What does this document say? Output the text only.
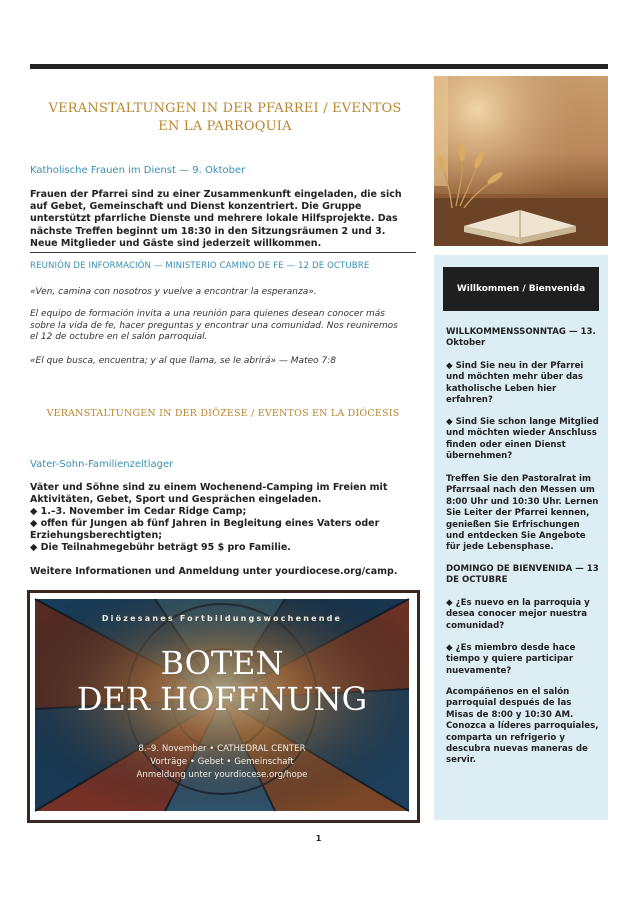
VERANSTALTUNGEN IN DER PFARREI / EVENTOS EN LA PARROQUIA
Katholische Frauen im Dienst — 9. Oktober
Frauen der Pfarrei sind zu einer Zusammenkunft eingeladen, die sich auf Gebet, Gemeinschaft und Dienst konzentriert. Die Gruppe unterstützt pfarrliche Dienste und mehrere lokale Hilfsprojekte. Das nächste Treffen beginnt um 18:30 in den Sitzungsräumen 2 und 3. Neue Mitglieder und Gäste sind jederzeit willkommen.
REUNIÓN DE INFORMACIÓN — MINISTERIO CAMINO DE FE — 12 DE OCTUBRE
«Ven, camina con nosotros y vuelve a encontrar la esperanza».
El equipo de formación invita a una reunión para quienes desean conocer más sobre la vida de fe, hacer preguntas y encontrar una comunidad. Nos reuniremos el 12 de octubre en el salón parroquial.
«El que busca, encuentra; y al que llama, se le abrirá» — Mateo 7:8
VERANSTALTUNGEN IN DER DIÖZESE / EVENTOS EN LA DIÓCESIS
Vater-Sohn-Familienzeltlager
Väter und Söhne sind zu einem Wochenend-Camping im Freien mit Aktivitäten, Gebet, Sport und Gesprächen eingeladen.
◆ 1.–3. November im Cedar Ridge Camp;
◆ offen für Jungen ab fünf Jahren in Begleitung eines Vaters oder Erziehungsberechtigten;
◆ Die Teilnahmegebühr beträgt 95 $ pro Familie.
Weitere Informationen und Anmeldung unter yourdiocese.org/camp.
Willkommen / Bienvenida
WILLKOMMENSSONNTAG — 13. Oktober
◆ Sind Sie neu in der Pfarrei und möchten mehr über das katholische Leben hier erfahren?
◆ Sind Sie schon lange Mitglied und möchten wieder Anschluss finden oder einen Dienst übernehmen?
Treffen Sie den Pastoralrat im Pfarrsaal nach den Messen um 8:00 Uhr und 10:30 Uhr. Lernen Sie Leiter der Pfarrei kennen, genießen Sie Erfrischungen und entdecken Sie Angebote für jede Lebensphase.
DOMINGO DE BIENVENIDA — 13 DE OCTUBRE
◆ ¿Es nuevo en la parroquia y desea conocer mejor nuestra comunidad?
◆ ¿Es miembro desde hace tiempo y quiere participar nuevamente?
Acompáñenos en el salón parroquial después de las Misas de 8:00 y 10:30 AM. Conozca a líderes parroquiales, comparta un refrigerio y descubra nuevas maneras de servir.
Diözesanes Fortbildungswochenende
BOTEN
DER HOFFNUNG
8.–9. November • CATHEDRAL CENTER
Vorträge • Gebet • Gemeinschaft
Anmeldung unter yourdiocese.org/hope
1
